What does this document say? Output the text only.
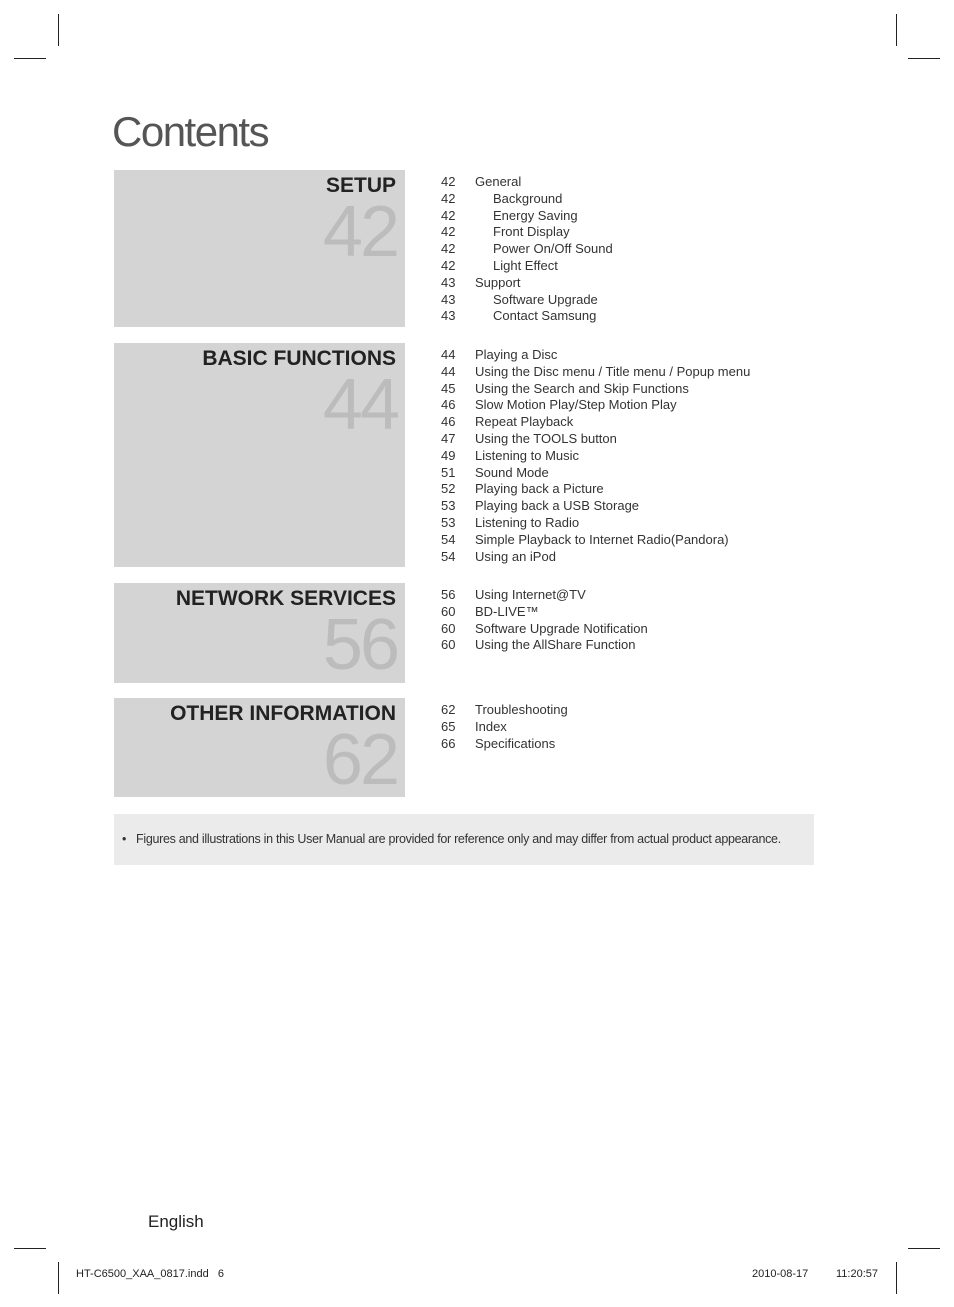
Contents
SETUP
42
42 General
42	Background
42	Energy Saving
42	Front Display
42	Power On/Off Sound
42	Light Effect
43 Support
43	Software Upgrade
43	Contact Samsung
BASIC FUNCTIONS
44
44 Playing a Disc
44 Using the Disc menu / Title menu / Popup menu
45 Using the Search and Skip Functions
46 Slow Motion Play/Step Motion Play
46 Repeat Playback
47 Using the TOOLS button
49 Listening to Music
51 Sound Mode
52 Playing back a Picture
53 Playing back a USB Storage
53 Listening to Radio
54 Simple Playback to Internet Radio(Pandora)
54 Using an iPod
NETWORK SERVICES
56
56 Using Internet@TV
60 BD-LIVE™
60 Software Upgrade Notification
60 Using the AllShare Function
OTHER INFORMATION
62
62 Troubleshooting
65 Index
66 Specifications
• Figures and illustrations in this User Manual are provided for reference only and may differ from actual product appearance.
English
HT-C6500_XAA_0817.indd   6	2010-08-17	11:20:57
